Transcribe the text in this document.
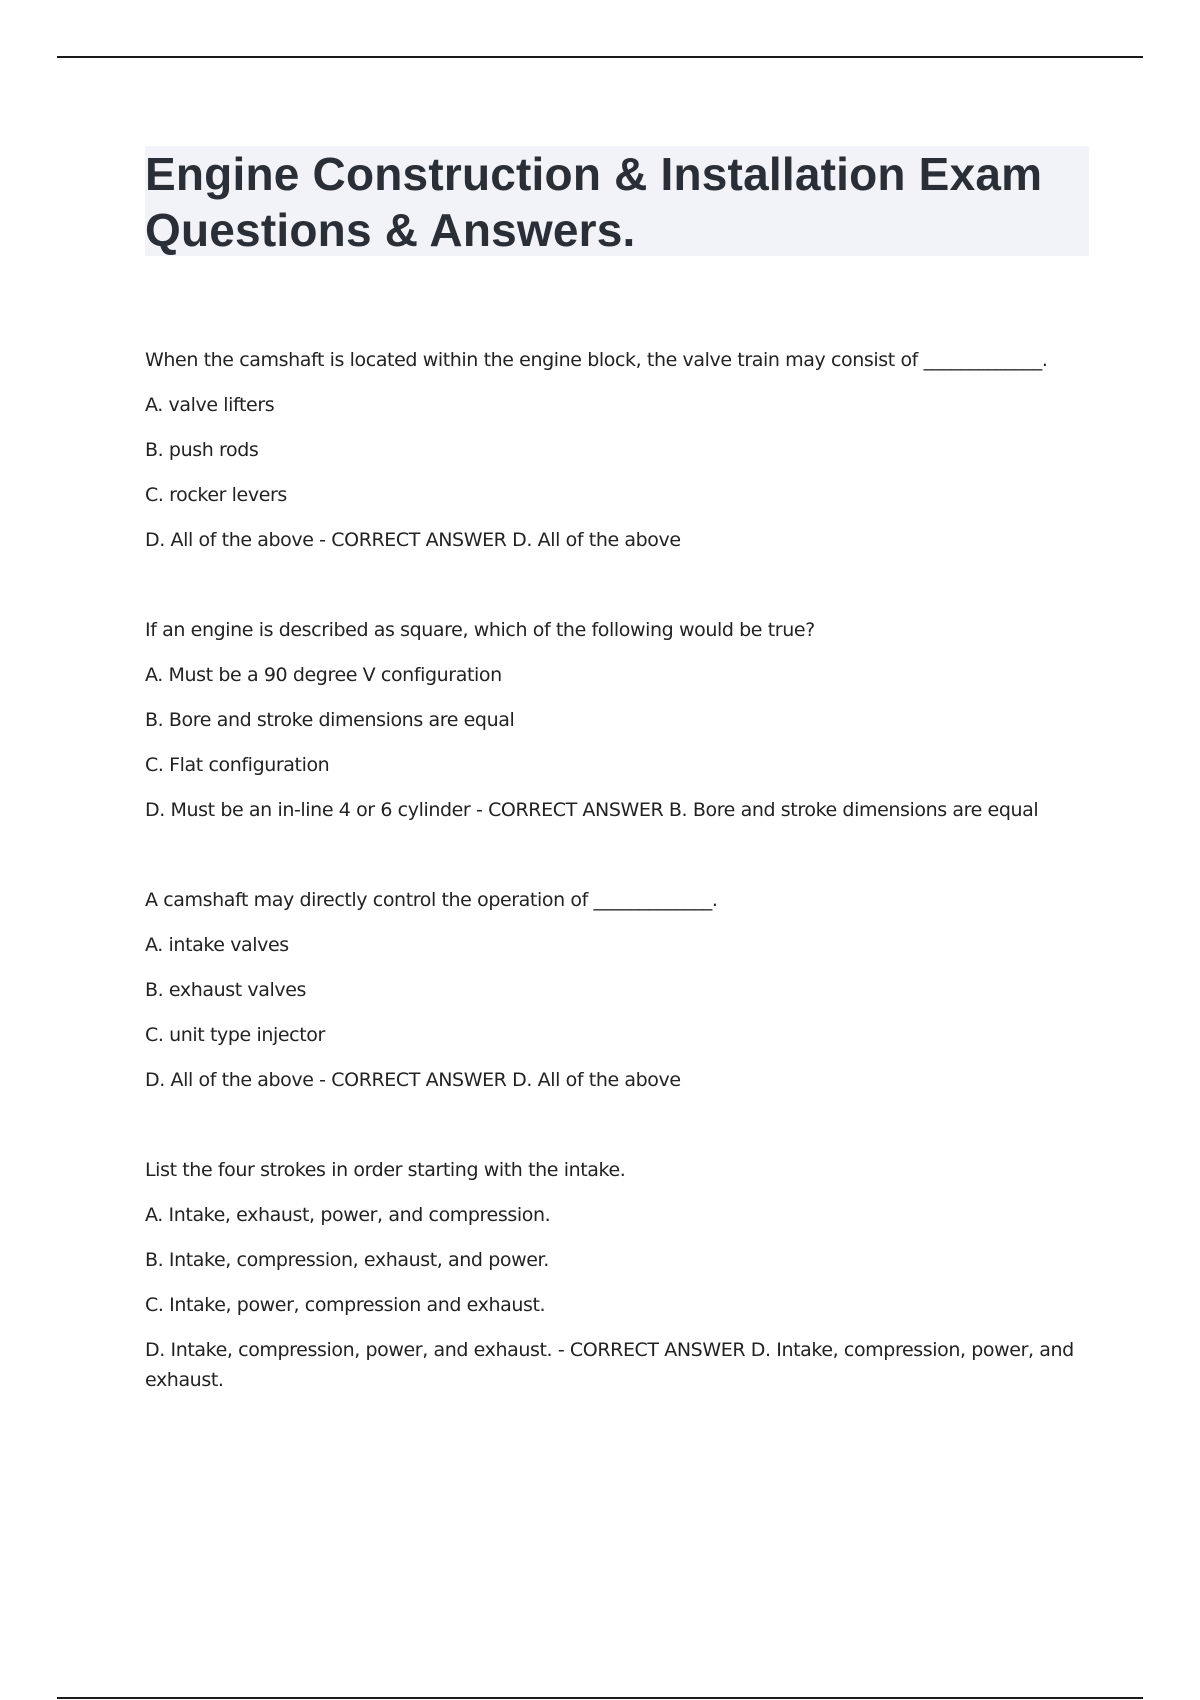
Engine Construction & Installation Exam Questions & Answers.

When the camshaft is located within the engine block, the valve train may consist of _____________.

A. valve lifters

B. push rods

C. rocker levers

D. All of the above - CORRECT ANSWER D. All of the above

If an engine is described as square, which of the following would be true?

A. Must be a 90 degree V configuration

B. Bore and stroke dimensions are equal

C. Flat configuration

D. Must be an in-line 4 or 6 cylinder - CORRECT ANSWER B. Bore and stroke dimensions are equal

A camshaft may directly control the operation of _____________.

A. intake valves

B. exhaust valves

C. unit type injector

D. All of the above - CORRECT ANSWER D. All of the above

List the four strokes in order starting with the intake.

A. Intake, exhaust, power, and compression.

B. Intake, compression, exhaust, and power.

C. Intake, power, compression and exhaust.

D. Intake, compression, power, and exhaust. - CORRECT ANSWER D. Intake, compression, power, and exhaust.
